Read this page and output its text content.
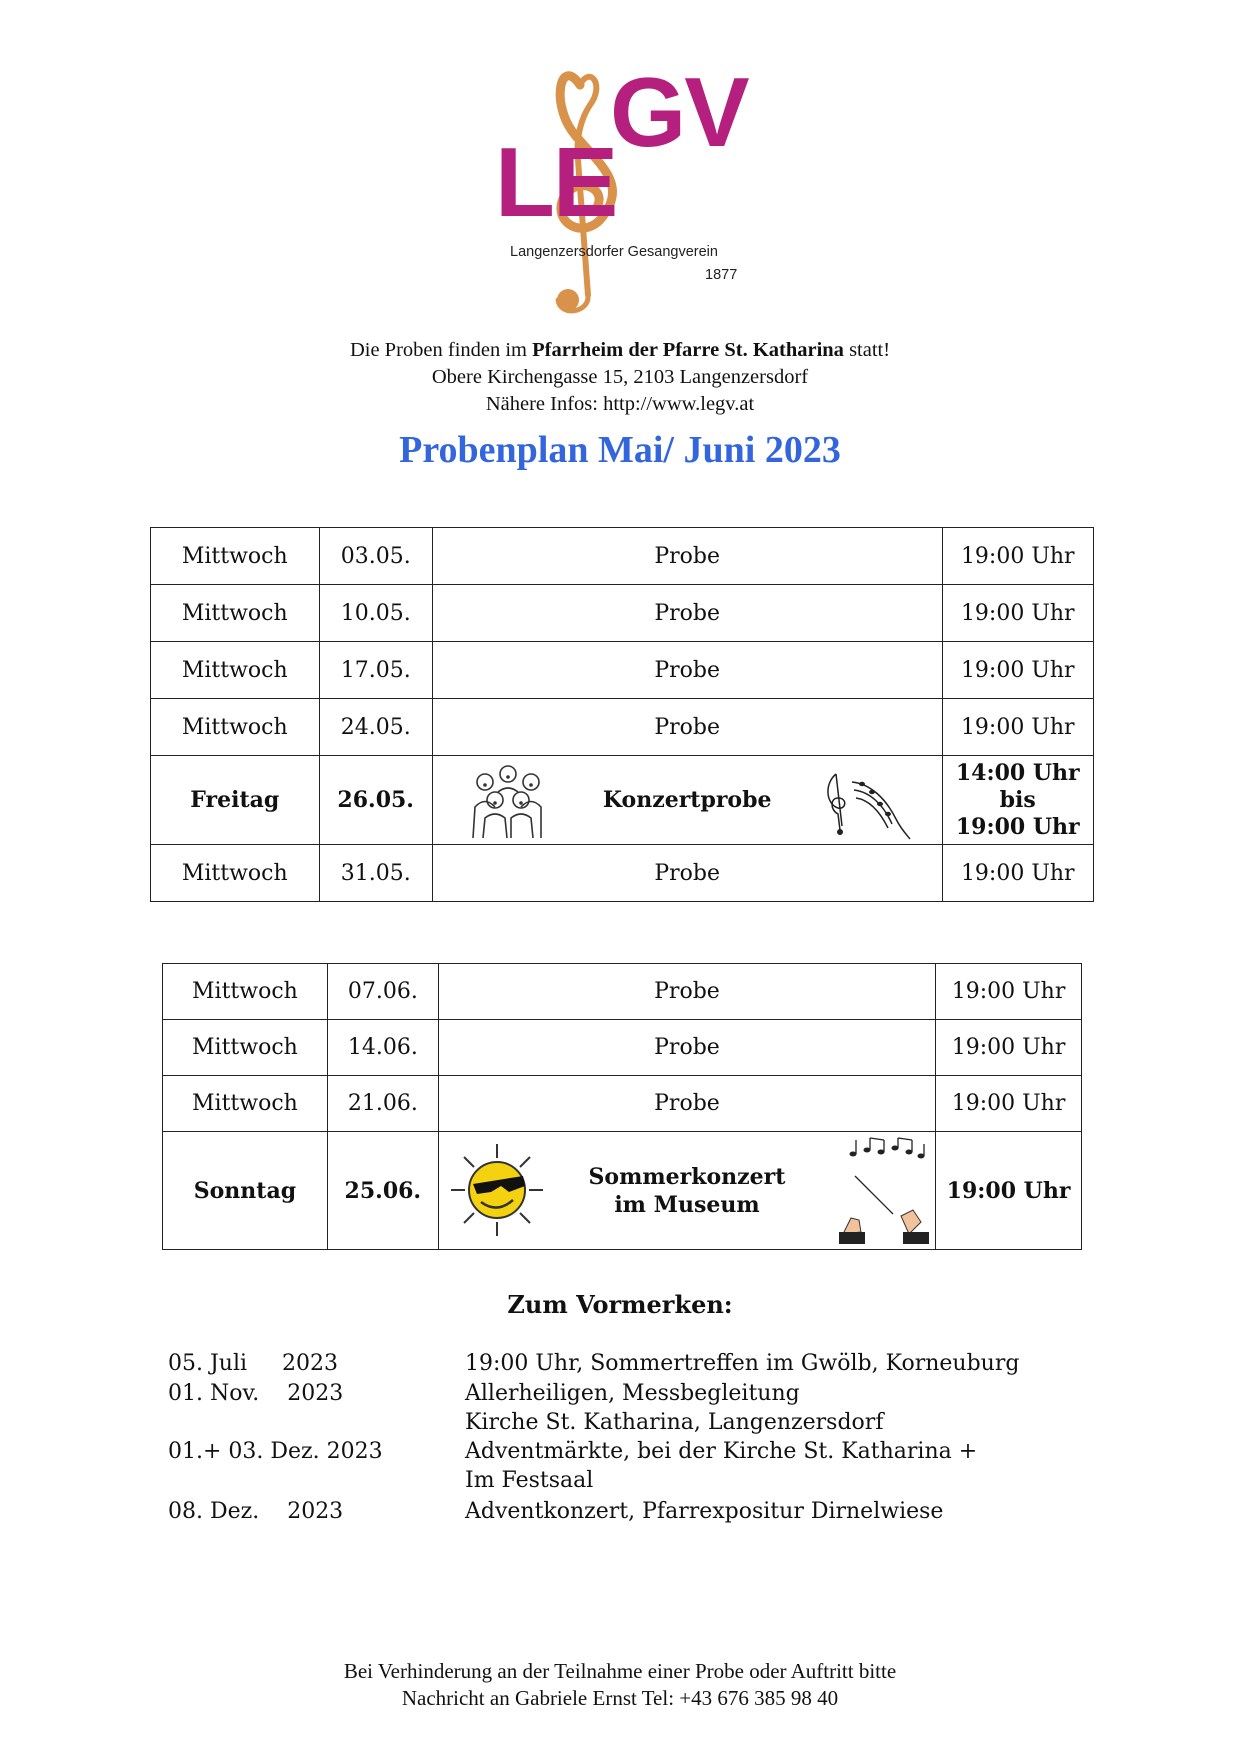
LE
GV
Langenzersdorfer Gesangverein
1877
Die Proben finden im Pfarrheim der Pfarre St. Katharina statt!
Obere Kirchengasse 15, 2103 Langenzersdorf
Nähere Infos: http://www.legv.at
Probenplan Mai/ Juni 2023
Mittwoch	03.05.	Probe	19:00 Uhr
Mittwoch	10.05.	Probe	19:00 Uhr
Mittwoch	17.05.	Probe	19:00 Uhr
Mittwoch	24.05.	Probe	19:00 Uhr
Freitag	26.05.	Konzertprobe	14:00 Uhr
bis
19:00 Uhr

Mittwoch	31.05.	Probe	19:00 Uhr
Mittwoch	07.06.	Probe	19:00 Uhr
Mittwoch	14.06.	Probe	19:00 Uhr
Mittwoch	21.06.	Probe	19:00 Uhr
Sonntag	25.06.	Sommerkonzert
im Museum	19:00 Uhr
Zum Vormerken:
05. Juli     2023	19:00 Uhr, Sommertreffen im Gwölb, Korneuburg
01. Nov.    2023	Allerheiligen, Messbegleitung
Kirche St. Katharina, Langenzersdorf
01.+ 03. Dez. 2023	Adventmärkte, bei der Kirche St. Katharina +
Im Festsaal
08. Dez.    2023	Adventkonzert, Pfarrexpositur Dirnelwiese
Bei Verhinderung an der Teilnahme einer Probe oder Auftritt bitte
Nachricht an Gabriele Ernst Tel: +43 676 385 98 40
